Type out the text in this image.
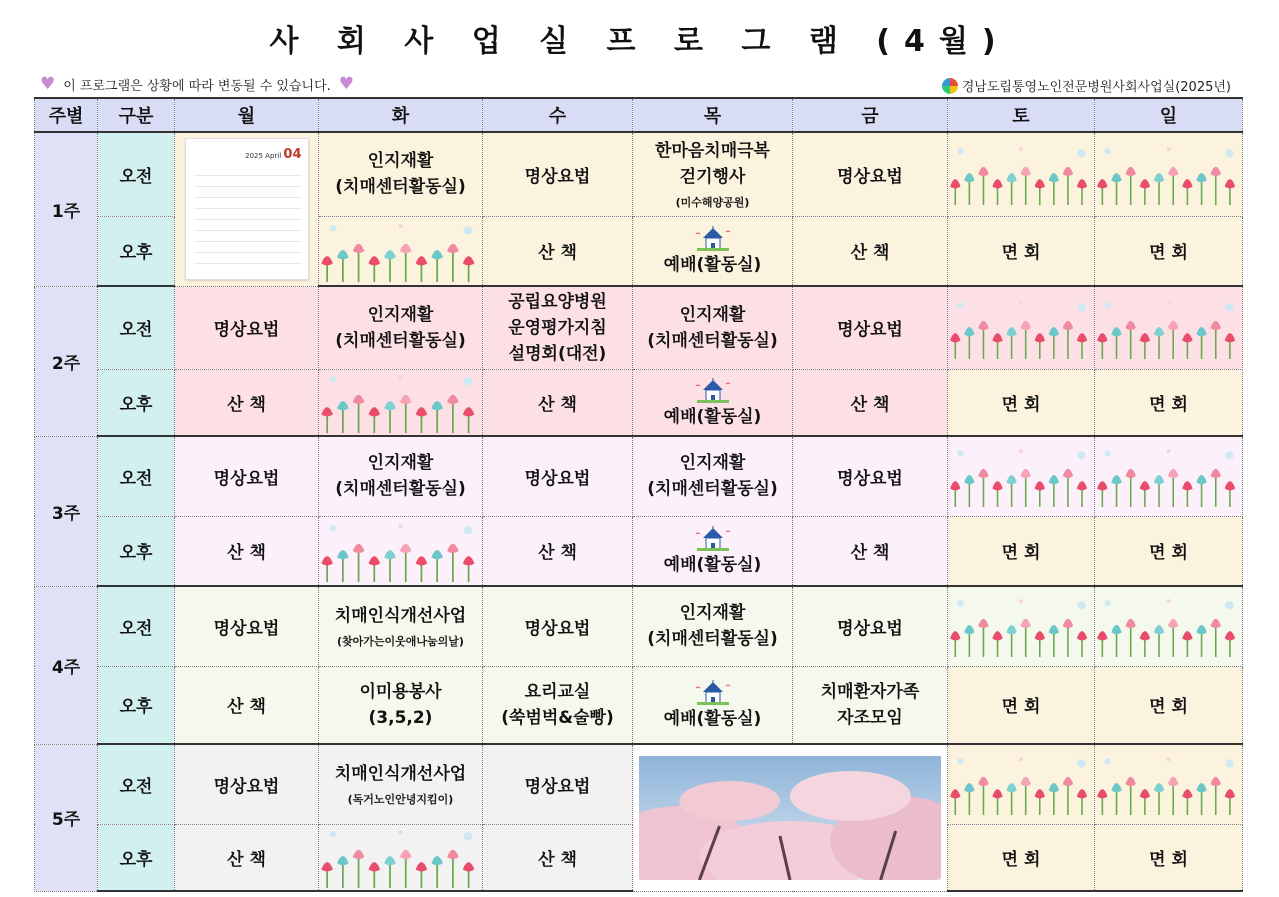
사 회 사 업 실 프 로 그 램 (4월)
♥ 이 프로그램은 상황에 따라 변동될 수 있습니다. ♥	경남도립통영노인전문병원사회사업실(2025년)
주별	구분	월	화	수	목	금	토	일
1주	오전	2025 April 04	인지재활
(치매센터활동실)	명상요법	한마음치매극복
걷기행사
(미수해양공원)	명상요법	

	오후			산 책	예배(활동실)	산 책	면 회	면 회
2주	오전	명상요법	인지재활
(치매센터활동실)	공립요양병원
운영평가지침
설명회(대전)	인지재활
(치매센터활동실)	명상요법	

	오후	산 책		산 책	예배(활동실)	산 책	면 회	면 회
3주	오전	명상요법	인지재활
(치매센터활동실)	명상요법	인지재활
(치매센터활동실)	명상요법	

	오후	산 책		산 책	예배(활동실)	산 책	면 회	면 회
4주	오전	명상요법	치매인식개선사업
(찾아가는이웃애나눔의날)	명상요법	인지재활
(치매센터활동실)	명상요법	

	오후	산 책	이미용봉사
(3,5,2)	요리교실
(쑥범벅&술빵)	예배(활동실)	치매환자가족
자조모임	면 회	면 회
5주	오전	명상요법	치매인식개선사업
(독거노인안녕지킴이)	명상요법	

	오후	산 책		산 책			면 회	면 회
